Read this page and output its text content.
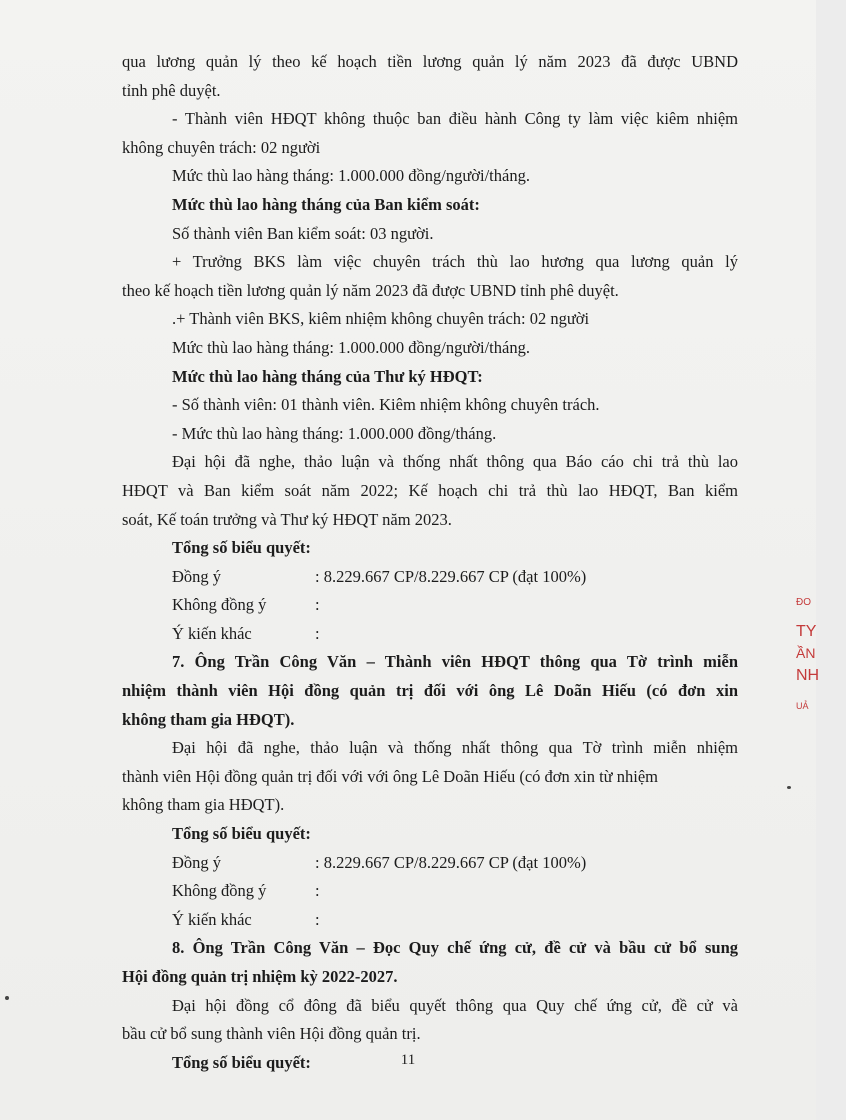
qua lương quản lý theo kế hoạch tiền lương quản lý năm 2023 đã được UBND
tỉnh phê duyệt.
- Thành viên HĐQT không thuộc ban điều hành Công ty làm việc kiêm nhiệm
không chuyên trách: 02 người
Mức thù lao hàng tháng: 1.000.000 đồng/người/tháng.
Mức thù lao hàng tháng của Ban kiểm soát:
Số thành viên Ban kiểm soát: 03 người.
+ Trưởng BKS làm việc chuyên trách thù lao hương qua lương quản lý
theo kế hoạch tiền lương quản lý năm 2023 đã được UBND tỉnh phê duyệt.
.+ Thành viên BKS, kiêm nhiệm không chuyên trách: 02 người
Mức thù lao hàng tháng: 1.000.000 đồng/người/tháng.
Mức thù lao hàng tháng của Thư ký HĐQT:
- Số thành viên: 01 thành viên. Kiêm nhiệm không chuyên trách.
- Mức thù lao hàng tháng: 1.000.000 đồng/tháng.
Đại hội đã nghe, thảo luận và thống nhất thông qua Báo cáo chi trả thù lao
HĐQT và Ban kiểm soát năm 2022; Kế hoạch chi trả thù lao HĐQT, Ban kiểm
soát, Kế toán trưởng và Thư ký HĐQT năm 2023.
Tổng số biểu quyết:
Đồng ý	: 8.229.667 CP/8.229.667 CP (đạt 100%)
Không đồng ý	:
Ý kiến khác	:
7. Ông Trần Công Văn – Thành viên HĐQT thông qua Tờ trình miễn
nhiệm thành viên Hội đồng quản trị đối với ông Lê Doãn Hiếu (có đơn xin
không tham gia HĐQT).
Đại hội đã nghe, thảo luận và thống nhất thông qua Tờ trình miễn nhiệm
thành viên Hội đồng quản trị đối với với ông Lê Doãn Hiếu (có đơn xin từ nhiệm
không tham gia HĐQT).
Tổng số biểu quyết:
Đồng ý	: 8.229.667 CP/8.229.667 CP (đạt 100%)
Không đồng ý	:
Ý kiến khác	:
8. Ông Trần Công Văn – Đọc Quy chế ứng cử, đề cử và bầu cử bổ sung
Hội đồng quản trị nhiệm kỳ 2022-2027.
Đại hội đồng cổ đông đã biểu quyết thông qua Quy chế ứng cử, đề cử và
bầu cử bổ sung thành viên Hội đồng quản trị.
Tổng số biểu quyết:	11
ĐO
TY
ẦN
NH
UẢ
